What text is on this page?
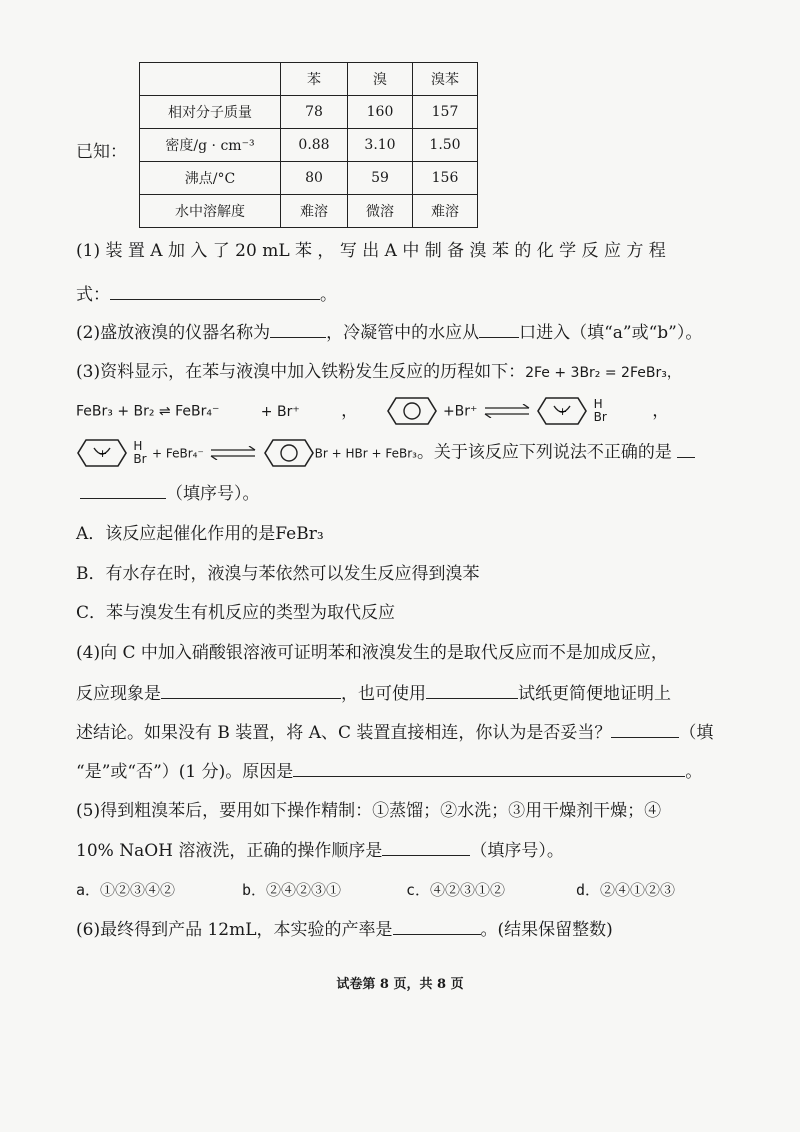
已知：
	苯	溴	溴苯
相对分子质量	78	160	157
密度/g · cm⁻³	0.88	3.10	1.50
沸点/°C	80	59	156
水中溶解度	难溶	微溶	难溶
(1) 装 置 A 加 入 了 20 mL 苯 ， 写 出 A 中 制 备 溴 苯 的 化 学 反 应 方 程
式：	。
(2)盛放液溴的仪器名称为	，冷凝管中的水应从 口进入（填“a”或“b”）。
(3)资料显示，在苯与液溴中加入铁粉发生反应的历程如下：2Fe + 3Br₂ = 2FeBr₃，
FeBr₃ + Br₂ ⇌ FeBr₄⁻	+ Br⁺ ，	+Br⁺ ⇌ +
H
Br	，
+
H
Br + FeBr₄⁻ ⇌	Br + HBr + FeBr₃。关于该反应下列说法不正确的是
（填序号）。
A．该反应起催化作用的是FeBr₃
B．有水存在时，液溴与苯依然可以发生反应得到溴苯
C．苯与溴发生有机反应的类型为取代反应
(4)向 C 中加入硝酸银溶液可证明苯和液溴发生的是取代反应而不是加成反应，
反应现象是	，也可使用	试纸更简便地证明上
述结论。如果没有 B 装置，将 A、C 装置直接相连，你认为是否妥当？	（填
“是”或“否”）(1 分)。原因是	。
(5)得到粗溴苯后，要用如下操作精制：①蒸馏；②水洗；③用干燥剂干燥；④
10% NaOH 溶液洗，正确的操作顺序是	（填序号）。
a．①②③④②	b．②④②③①	c．④②③①②	d．②④①②③
(6)最终得到产品 12mL，本实验的产率是	。(结果保留整数)
试卷第 8 页，共 8 页
